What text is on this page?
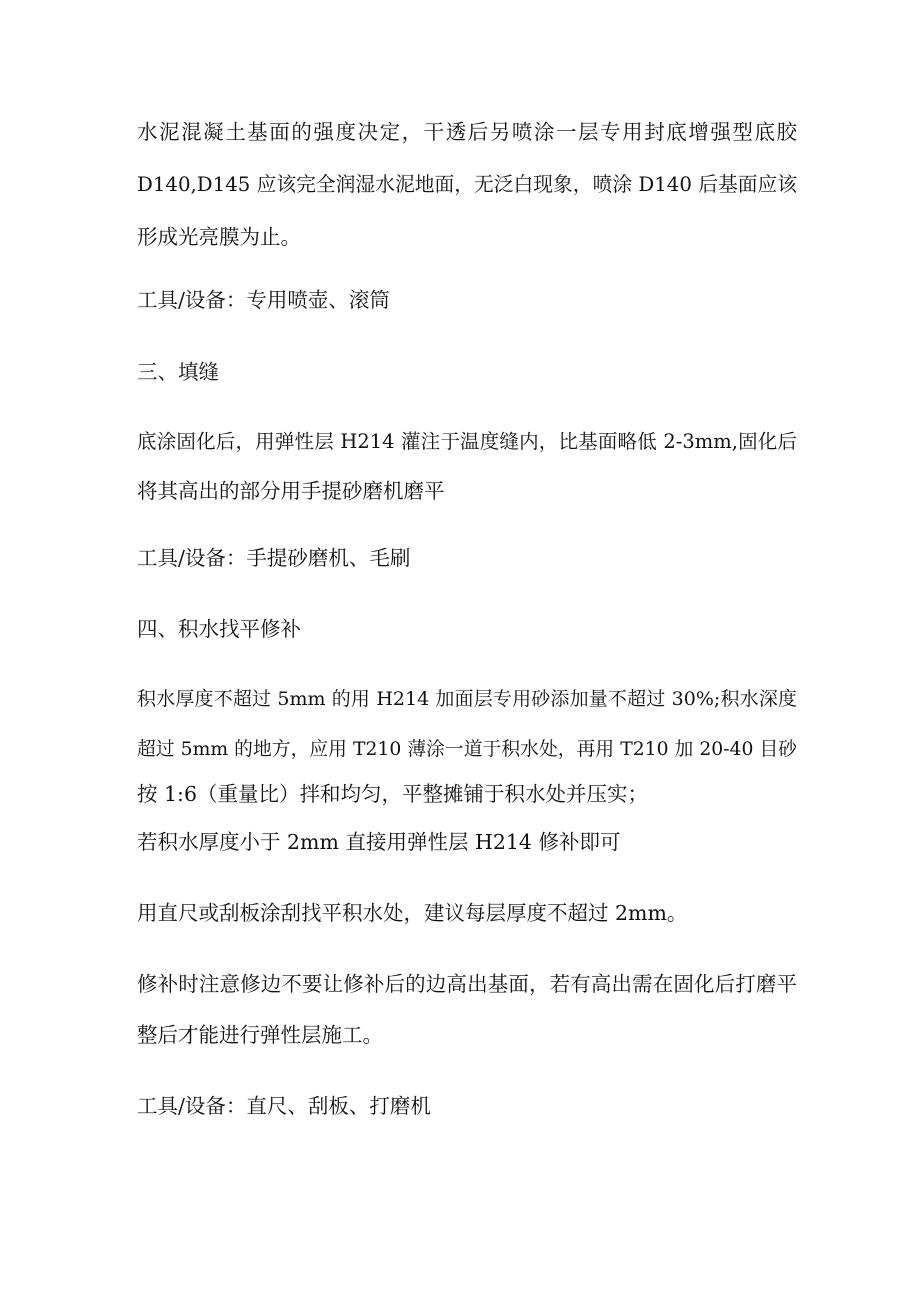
水泥混凝土基面的强度决定，干透后另喷涂一层专用封底增强型底胶
D140,D145 应该完全润湿水泥地面，无泛白现象，喷涂 D140 后基面应该
形成光亮膜为止。
工具/设备：专用喷壶、滚筒
三、填缝
底涂固化后，用弹性层 H214 灌注于温度缝内，比基面略低 2-3mm,固化后
将其高出的部分用手提砂磨机磨平
工具/设备：手提砂磨机、毛刷
四、积水找平修补
积水厚度不超过 5mm 的用 H214 加面层专用砂添加量不超过 30%;积水深度
超过 5mm 的地方，应用 T210 薄涂一道于积水处，再用 T210 加 20-40 目砂
按 1:6（重量比）拌和均匀，平整摊铺于积水处并压实；
若积水厚度小于 2mm 直接用弹性层 H214 修补即可
用直尺或刮板涂刮找平积水处，建议每层厚度不超过 2mm。
修补时注意修边不要让修补后的边高出基面，若有高出需在固化后打磨平
整后才能进行弹性层施工。
工具/设备：直尺、刮板、打磨机
